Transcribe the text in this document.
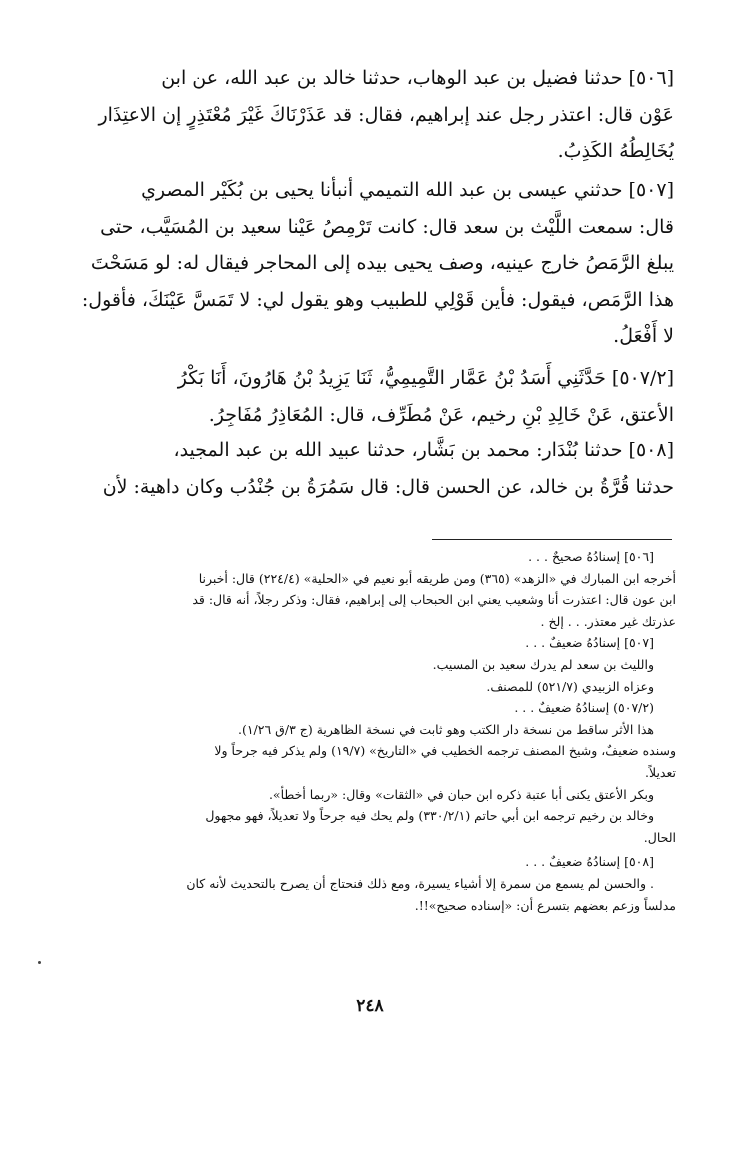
[٥٠٦] حدثنا فضيل بن عبد الوهاب، حدثنا خالد بن عبد الله، عن ابن
عَوْن قال: اعتذر رجل عند إبراهيم، فقال: قد عَذَرْنَاكَ غَيْرَ مُعْتَذِرٍ إن الاعتِذَار
يُخَالِطُهُ الكَذِبُ.
[٥٠٧] حدثني عيسى بن عبد الله التميمي أنبأنا يحيى بن بُكَيْر المصري
قال: سمعت اللَّيْث بن سعد قال: كانت تَرْمِصُ عَيْنا سعيد بن المُسَيَّب، حتى
يبلغ الرَّمَصُ خارج عينيه، وصف يحيى بيده إلى المحاجر فيقال له: لو مَسَحْتَ
هذا الرَّمَص، فيقول: فأين قَوْلِي للطبيب وهو يقول لي: لا تَمَسَّ عَيْنَكَ، فأقول:
لا أَفْعَلُ.
[٥٠٧/٢] حَدَّثَنِي أَسَدُ بْنُ عَمَّار التَّمِيمِيُّ، ثَنَا يَزِيدُ بْنُ هَارُونَ، أَنَا بَكْرُ
الأعتق، عَنْ خَالِدِ بْنِ رخيم، عَنْ مُطَرِّف، قال: المُعَاذِرُ مُفَاجِرُ.
[٥٠٨] حدثنا بُنْدَار: محمد بن بَشَّار، حدثنا عبيد الله بن عبد المجيد،
حدثنا قُرَّةُ بن خالد، عن الحسن قال: قال سَمُرَةُ بن جُنْدُب وكان داهية: لأن
[٥٠٦] إسنادُهُ صحيحٌ . . .
أخرجه ابن المبارك في «الزهد» (٣٦٥) ومن طريقه أبو نعيم في «الحلية» (٢٢٤/٤) قال: أخبرنا
ابن عون قال: اعتذرت أنا وشعيب يعني ابن الحبحاب إلى إبراهيم، فقال: وذكر رجلاً، أنه قال: قد
عذرتك غير معتذر. . . إلخ .
[٥٠٧] إسنادُهُ ضعيفٌ . . .
والليث بن سعد لم يدرك سعيد بن المسيب.
وعزاه الزبيدي (٥٢١/٧) للمصنف.
(٥٠٧/٢) إسنادُهُ ضعيفٌ . . .
هذا الأثر ساقط من نسخة دار الكتب وهو ثابت في نسخة الظاهرية (ج ٣/ق ١/٢٦).
وسنده ضعيفٌ، وشيخ المصنف ترجمه الخطيب في «التاريخ» (١٩/٧) ولم يذكر فيه جرحاً ولا
تعديلاً.
وبكر الأعتق يكنى أبا عتبة ذكره ابن حبان في «الثقات» وقال: «ربما أخطأ».
وخالد بن رخيم ترجمه ابن أبي حاتم (٣٣٠/٢/١) ولم يحك فيه جرحاً ولا تعديلاً، فهو مجهول
الحال.
[٥٠٨] إسنادُهُ ضعيفٌ . . .
. والحسن لم يسمع من سمرة إلا أشياء يسيرة، ومع ذلك فنحتاج أن يصرح بالتحديث لأنه كان
مدلساً وزعم بعضهم بتسرع أن: «إسناده صحيح»!!.
٢٤٨
